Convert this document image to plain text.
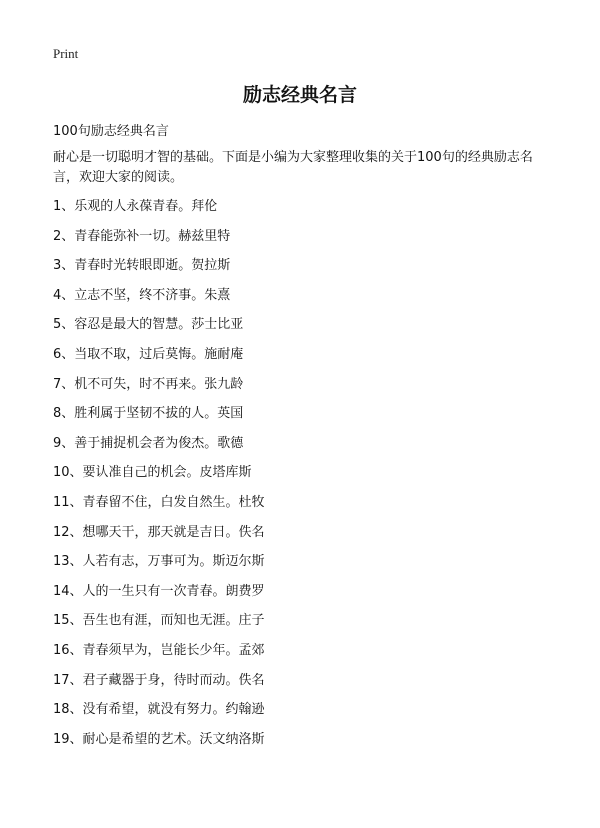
Print
励志经典名言
100句励志经典名言

耐心是一切聪明才智的基础。下面是小编为大家整理收集的关于100句的经典励志名言，欢迎大家的阅读。

1、乐观的人永葆青春。拜伦
2、青春能弥补一切。赫兹里特
3、青春时光转眼即逝。贺拉斯
4、立志不坚，终不济事。朱熹
5、容忍是最大的智慧。莎士比亚
6、当取不取，过后莫悔。施耐庵
7、机不可失，时不再来。张九龄
8、胜利属于坚韧不拔的人。英国
9、善于捕捉机会者为俊杰。歌德
10、要认准自己的机会。皮塔库斯
11、青春留不住，白发自然生。杜牧
12、想哪天干，那天就是吉日。佚名
13、人若有志，万事可为。斯迈尔斯
14、人的一生只有一次青春。朗费罗
15、吾生也有涯，而知也无涯。庄子
16、青春须早为，岂能长少年。孟郊
17、君子藏器于身，待时而动。佚名
18、没有希望，就没有努力。约翰逊
19、耐心是希望的艺术。沃文纳洛斯
